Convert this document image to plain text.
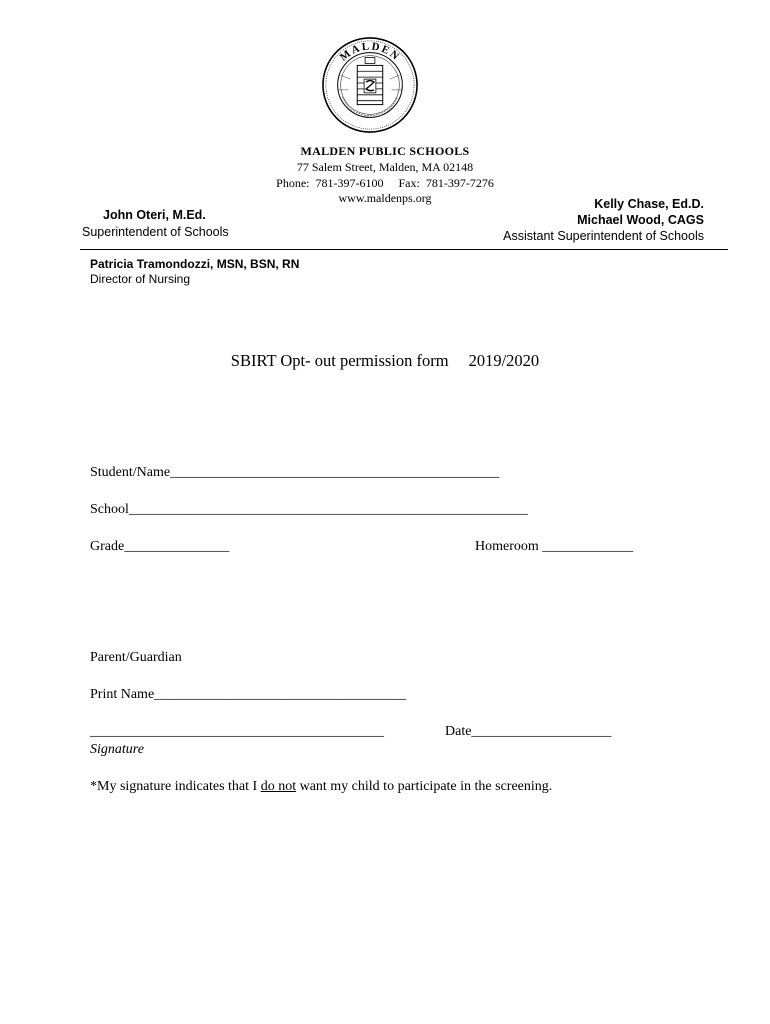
MALDEN
MALDEN PUBLIC SCHOOLS
77 Salem Street, Malden, MA 02148
Phone:  781-397-6100     Fax:  781-397-7276
www.maldenps.org
John Oteri, M.Ed.
Superintendent of Schools
Kelly Chase, Ed.D.
Michael Wood, CAGS
Assistant Superintendent of Schools
Patricia Tramondozzi, MSN, BSN, RN
Director of Nursing
SBIRT Opt- out permission form 2019/2020
Student/Name_______________________________________________
School_________________________________________________________
Grade_______________	Homeroom _____________
Parent/Guardian
Print Name____________________________________
__________________________________________	Date____________________
Signature
*My signature indicates that I do not want my child to participate in the screening.
